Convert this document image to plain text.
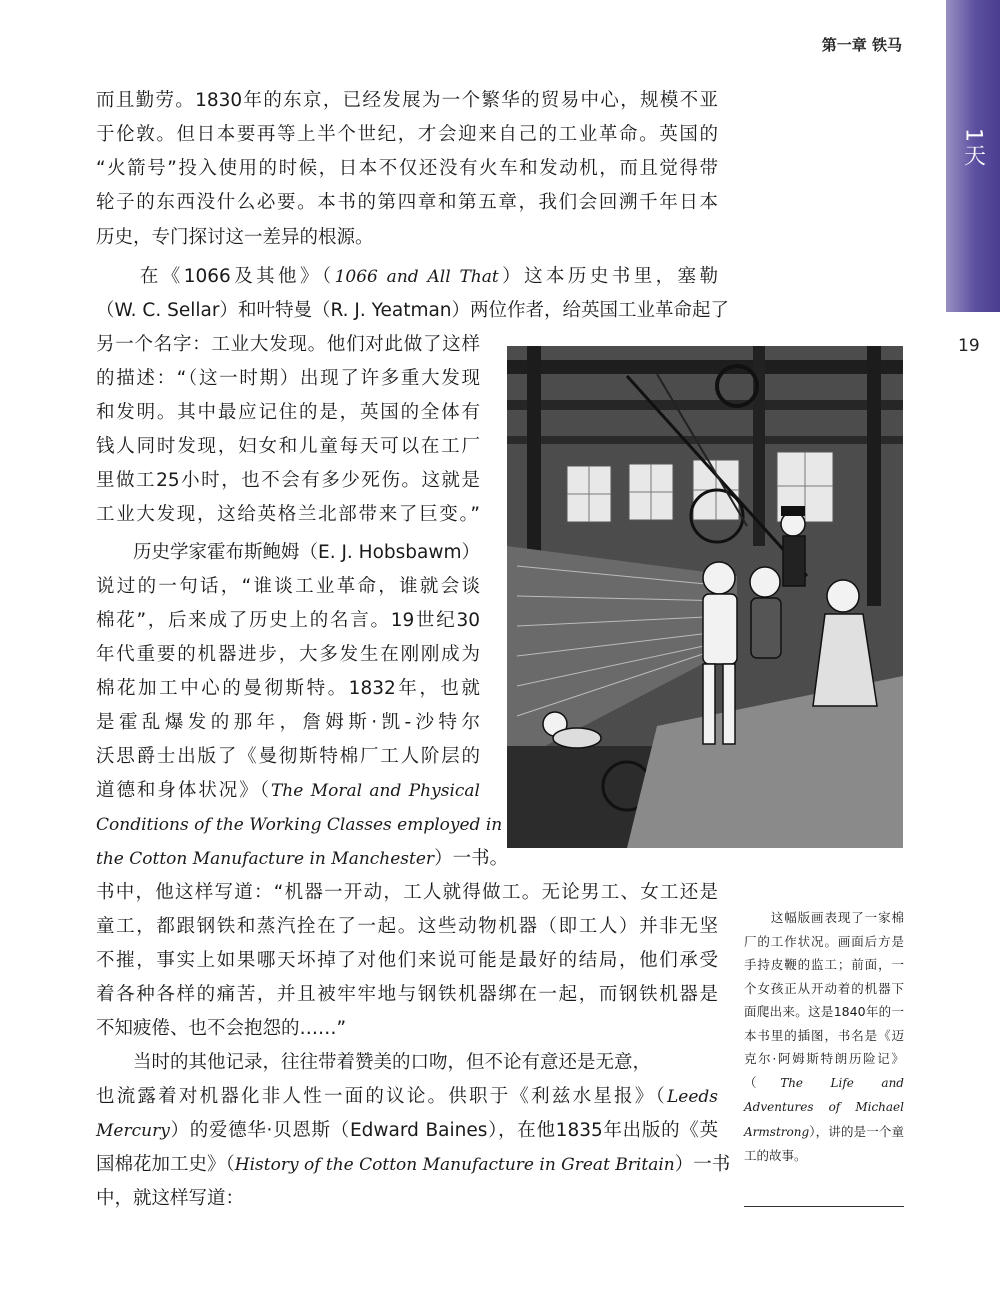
1天
第一章 铁马
19
而且勤劳。1830年的东京，已经发展为一个繁华的贸易中心，规模不亚
于伦敦。但日本要再等上半个世纪，才会迎来自己的工业革命。英国的
“火箭号”投入使用的时候，日本不仅还没有火车和发动机，而且觉得带
轮子的东西没什么必要。本书的第四章和第五章，我们会回溯千年日本
历史，专门探讨这一差异的根源。
　　在《1066及其他》（1066 and All That）这本历史书里，塞勒
（W. C. Sellar）和叶特曼（R. J. Yeatman）两位作者，给英国工业革命起了
另一个名字：工业大发现。他们对此做了这样
的描述：“（这一时期）出现了许多重大发现
和发明。其中最应记住的是，英国的全体有
钱人同时发现，妇女和儿童每天可以在工厂
里做工25小时，也不会有多少死伤。这就是
工业大发现，这给英格兰北部带来了巨变。”
　　历史学家霍布斯鲍姆（E. J. Hobsbawm）
说过的一句话，“谁谈工业革命，谁就会谈
棉花”，后来成了历史上的名言。19世纪30
年代重要的机器进步，大多发生在刚刚成为
棉花加工中心的曼彻斯特。1832年，也就
是霍乱爆发的那年，詹姆斯·凯-沙特尔
沃思爵士出版了《曼彻斯特棉厂工人阶层的
道德和身体状况》（The Moral and Physical
Conditions of the Working Classes employed in
the Cotton Manufacture in Manchester）一书。
书中，他这样写道：“机器一开动，工人就得做工。无论男工、女工还是
童工，都跟钢铁和蒸汽拴在了一起。这些动物机器（即工人）并非无坚
不摧，事实上如果哪天坏掉了对他们来说可能是最好的结局，他们承受
着各种各样的痛苦，并且被牢牢地与钢铁机器绑在一起，而钢铁机器是
不知疲倦、也不会抱怨的……”
　　当时的其他记录，往往带着赞美的口吻，但不论有意还是无意，
也流露着对机器化非人性一面的议论。供职于《利兹水星报》（Leeds
Mercury）的爱德华·贝恩斯（Edward Baines），在他1835年出版的《英
国棉花加工史》（History of the Cotton Manufacture in Great Britain）一书
中，就这样写道：
　　这幅版画表现了一家棉厂的工作状况。画面后方是手持皮鞭的监工；前面，一个女孩正从开动着的机器下面爬出来。这是1840年的一本书里的插图，书名是《迈克尔·阿姆斯特朗历险记》（The Life and Adventures of Michael Armstrong），讲的是一个童工的故事。
